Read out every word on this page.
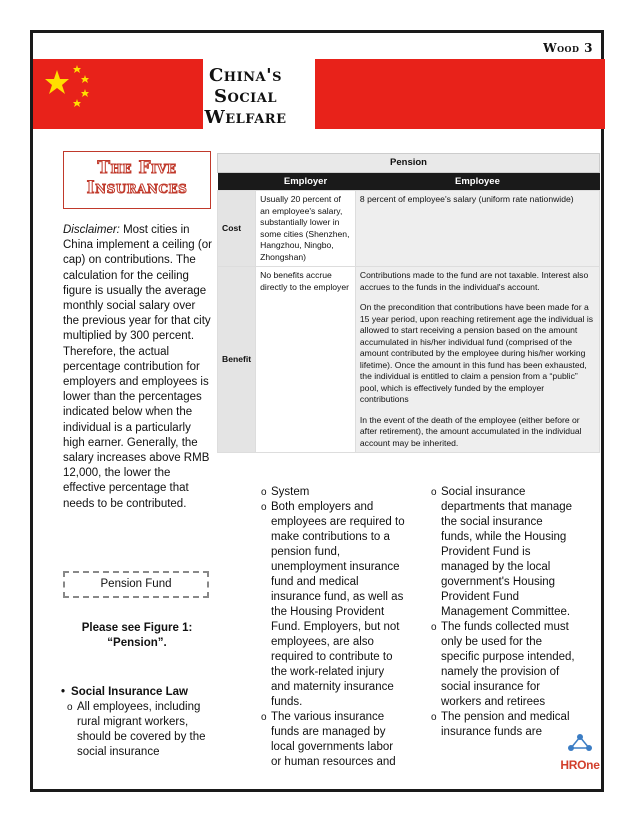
Wood 3
China's
Social
Welfare
The Five
Insurances
Disclaimer: Most cities in China implement a ceiling (or cap) on contributions. The calculation for the ceiling figure is usually the average monthly social salary over the previous year for that city multiplied by 300 percent. Therefore, the actual percentage contribution for employers and employees is lower than the percentages indicated below when the individual is a particularly high earner. Generally, the salary increases above RMB 12,000, the lower the effective percentage that needs to be contributed.
Pension Fund
Please see Figure 1:
“Pension”.
• Social Insurance Law
o All employees, including rural migrant workers, should be covered by the social insurance
Pension		
	Employer	Employee
Cost	Usually 20 percent of an employee's salary, substantially lower in some cities (Shenzhen, Hangzhou, Ningbo, Zhongshan)	8 percent of employee's salary (uniform rate nationwide)
Benefit	No benefits accrue directly to the employer	Contributions made to the fund are not taxable. Interest also accrues to the funds in the individual's account.

On the precondition that contributions have been made for a 15 year period, upon reaching retirement age the individual is allowed to start receiving a pension based on the amount accumulated in his/her individual fund (comprised of the amount contributed by the employee during his/her working lifetime). Once the amount in this fund has been exhausted, the individual is entitled to claim a pension from a “public” pool, which is effectively funded by the employer contributions

In the event of the death of the employee (either before or after retirement), the amount accumulated in the individual account may be inherited.

o System
o Both employers and employees are required to make contributions to a pension fund, unemployment insurance fund and medical insurance fund, as well as the Housing Provident Fund. Employers, but not employees, are also required to contribute to the work-related injury and maternity insurance funds.
o The various insurance funds are managed by local governments labor or human resources and
o Social insurance departments that manage the social insurance funds, while the Housing Provident Fund is managed by the local government's Housing Provident Fund Management Committee.
o The funds collected must only be used for the specific purpose intended, namely the provision of social insurance for workers and retirees
o The pension and medical insurance funds are
HROne
